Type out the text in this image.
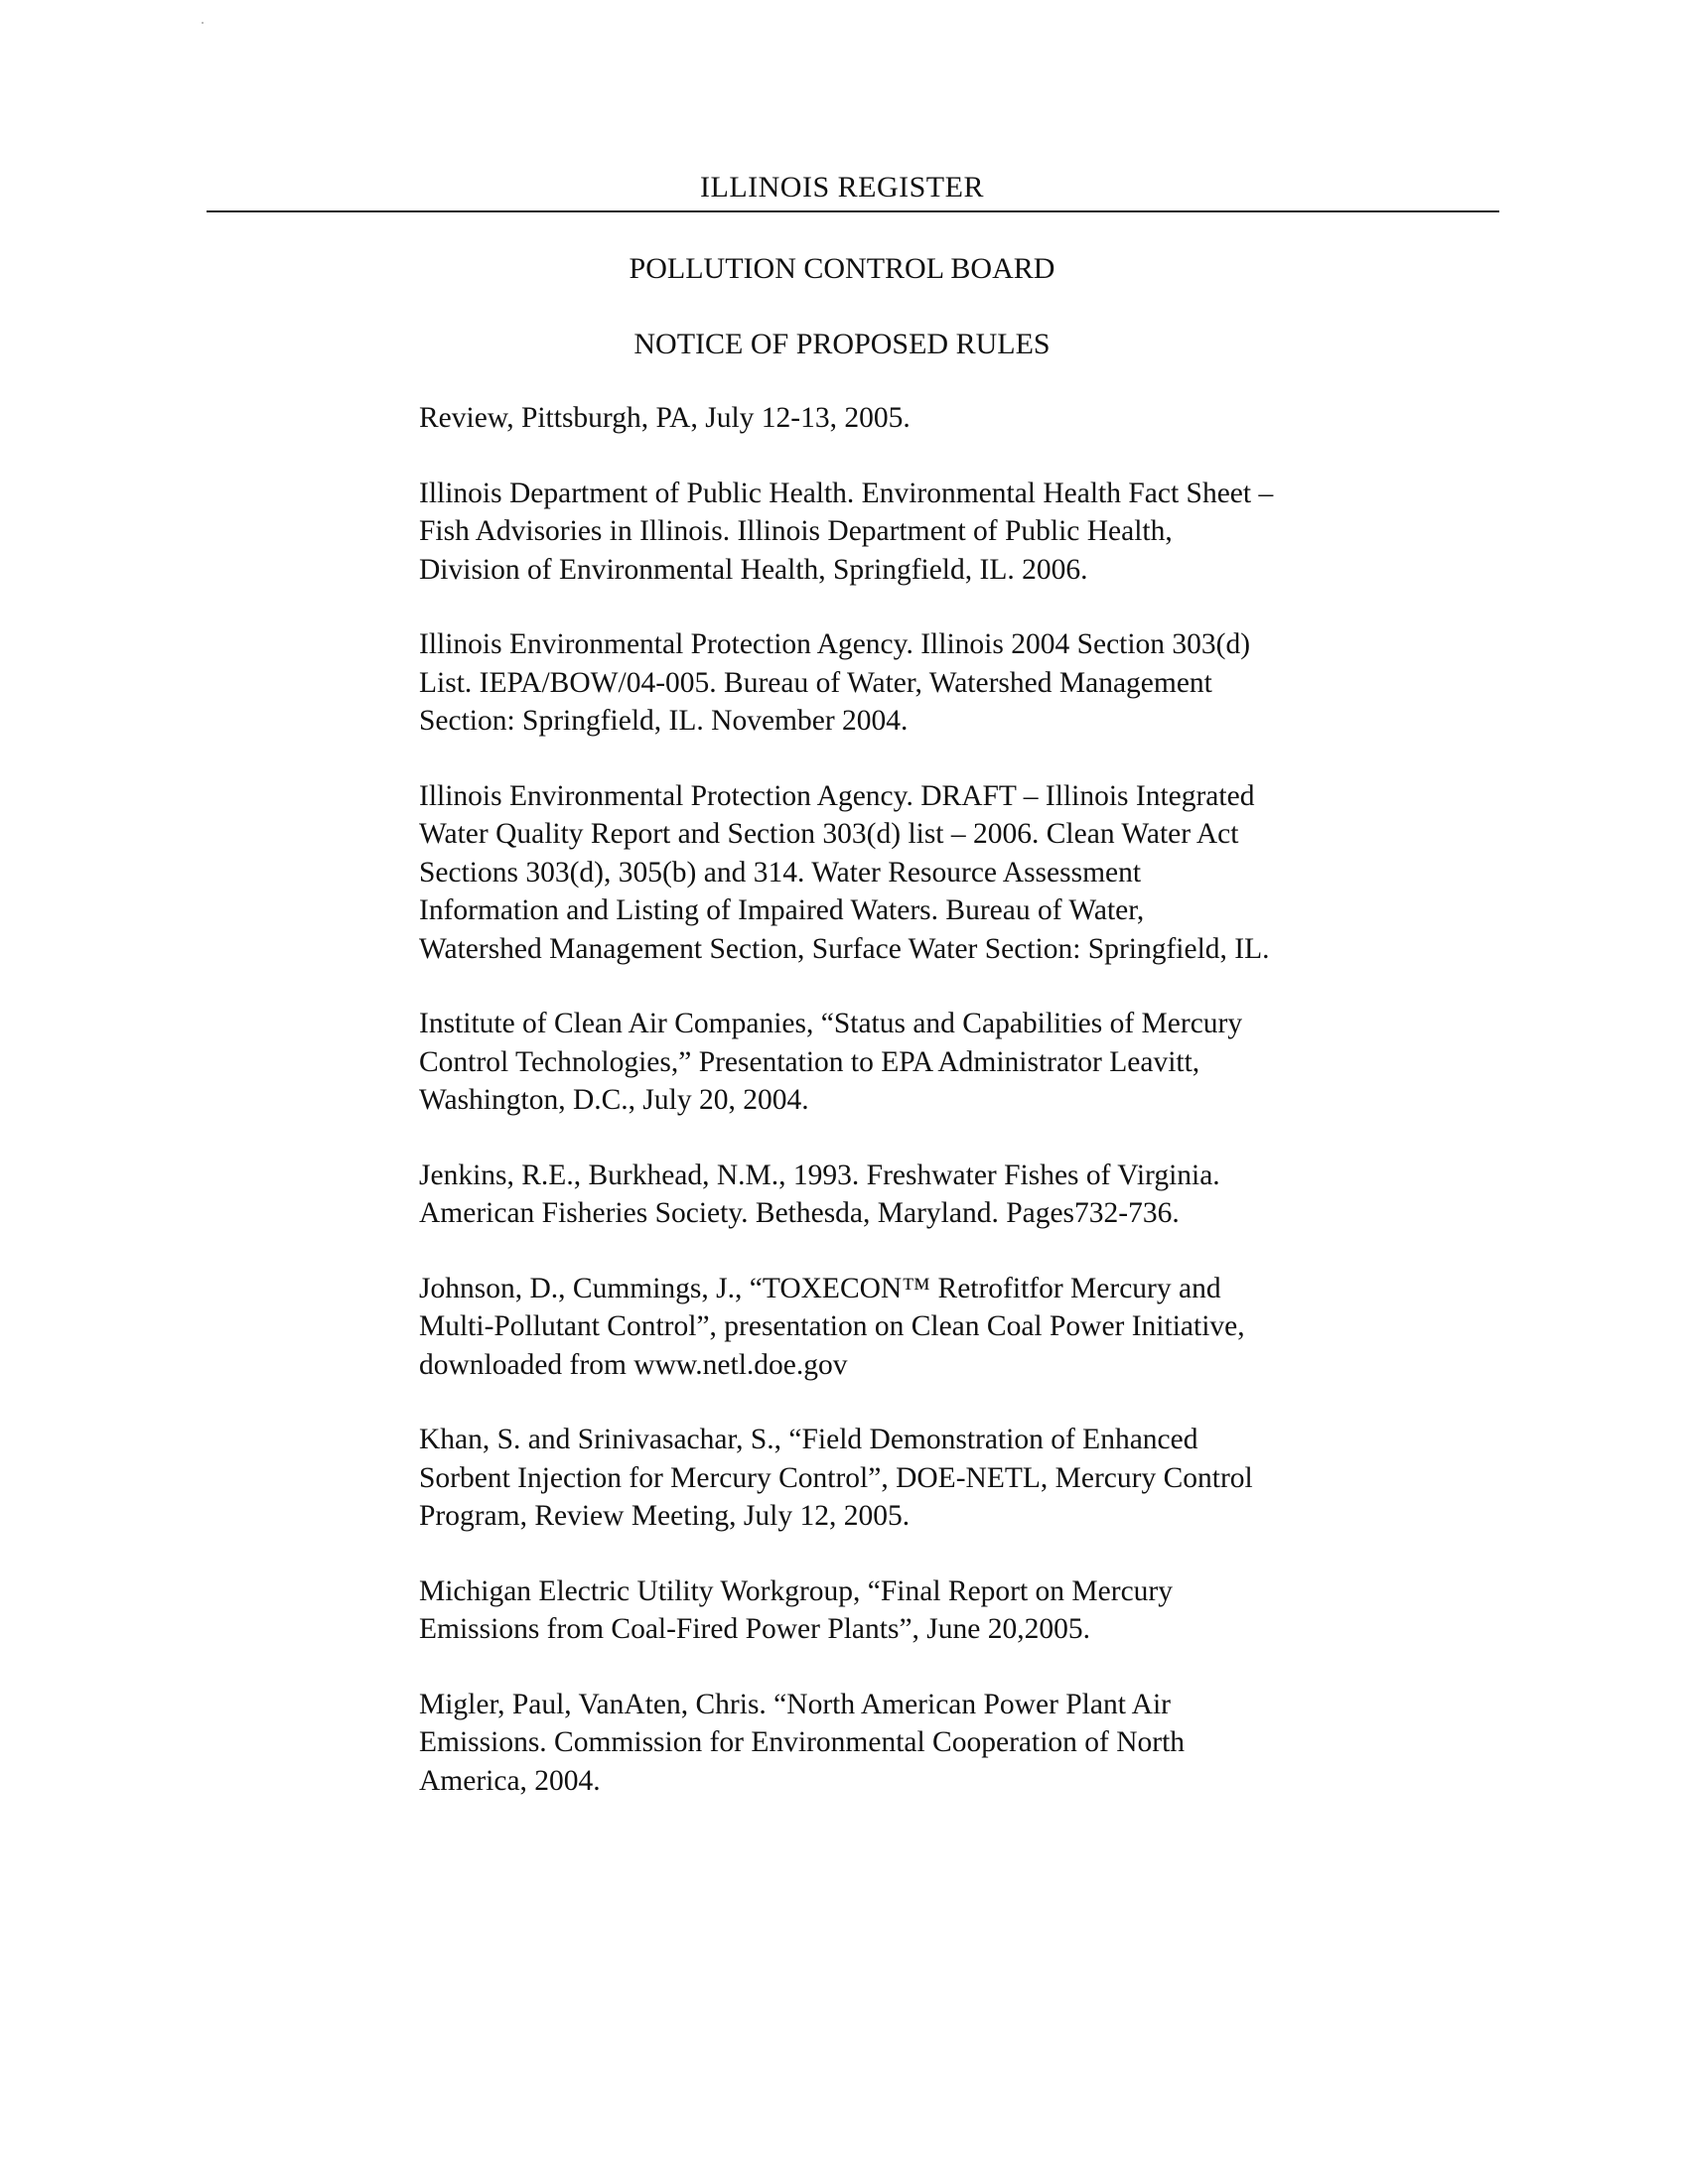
ILLINOIS REGISTER
POLLUTION CONTROL BOARD
NOTICE OF PROPOSED RULES
Review, Pittsburgh, PA, July 12-13, 2005.
Illinois Department of Public Health. Environmental Health Fact Sheet –
Fish Advisories in Illinois. Illinois Department of Public Health,
Division of Environmental Health, Springfield, IL. 2006.
Illinois Environmental Protection Agency. Illinois 2004 Section 303(d)
List. IEPA/BOW/04-005. Bureau of Water, Watershed Management
Section: Springfield, IL. November 2004.
Illinois Environmental Protection Agency. DRAFT – Illinois Integrated
Water Quality Report and Section 303(d) list – 2006. Clean Water Act
Sections 303(d), 305(b) and 314. Water Resource Assessment
Information and Listing of Impaired Waters. Bureau of Water,
Watershed Management Section, Surface Water Section: Springfield, IL.
Institute of Clean Air Companies, “Status and Capabilities of Mercury
Control Technologies,” Presentation to EPA Administrator Leavitt,
Washington, D.C., July 20, 2004.
Jenkins, R.E., Burkhead, N.M., 1993. Freshwater Fishes of Virginia.
American Fisheries Society. Bethesda, Maryland. Pages732-736.
Johnson, D., Cummings, J., “TOXECON™ Retrofitfor Mercury and
Multi-Pollutant Control”, presentation on Clean Coal Power Initiative,
downloaded from www.netl.doe.gov
Khan, S. and Srinivasachar, S., “Field Demonstration of Enhanced
Sorbent Injection for Mercury Control”, DOE-NETL, Mercury Control
Program, Review Meeting, July 12, 2005.
Michigan Electric Utility Workgroup, “Final Report on Mercury
Emissions from Coal-Fired Power Plants”, June 20,2005.
Migler, Paul, VanAten, Chris. “North American Power Plant Air
Emissions. Commission for Environmental Cooperation of North
America, 2004.
